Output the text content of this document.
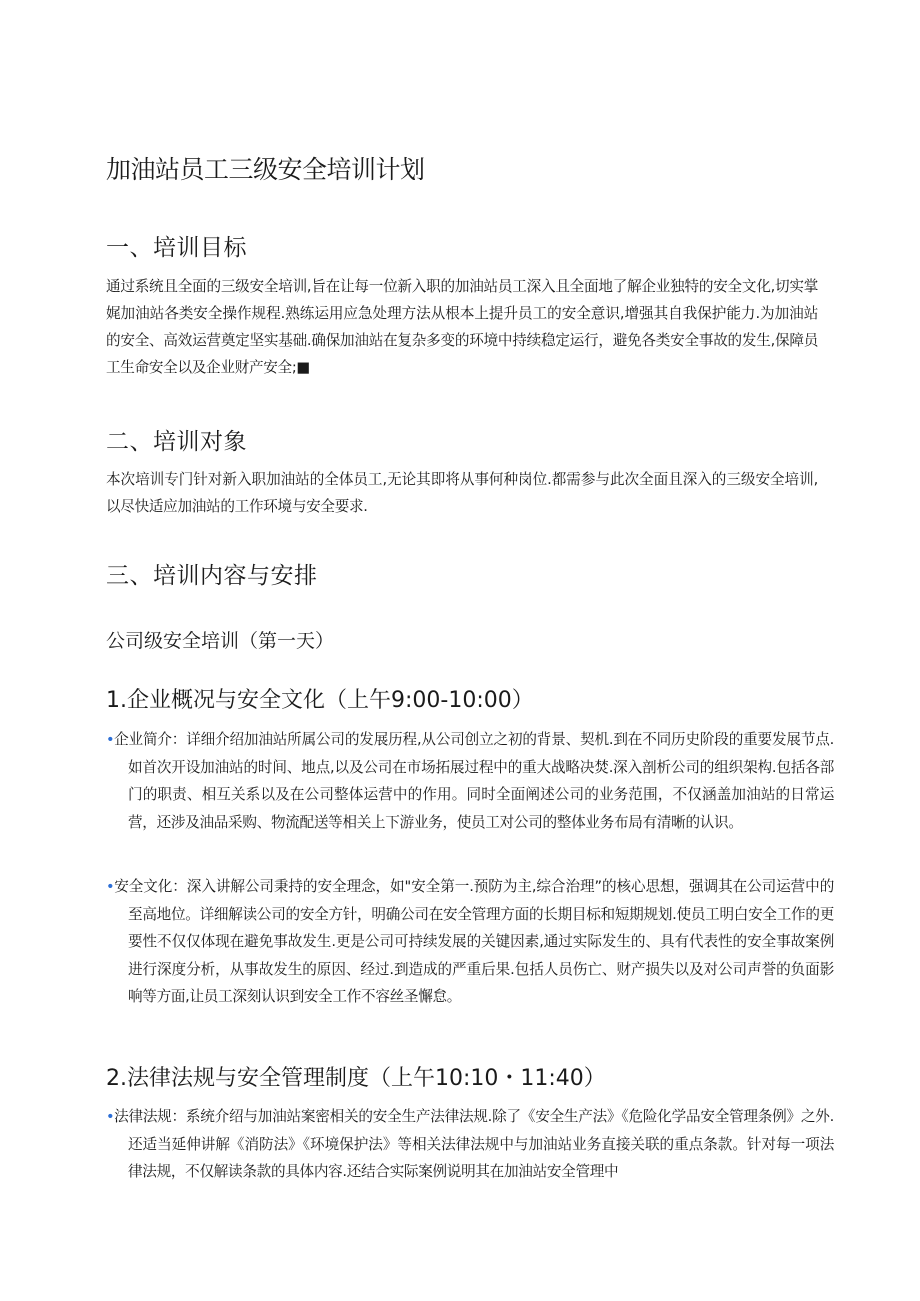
加油站员工三级安全培训计划
一、培训目标

通过系统且全面的三级安全培训,旨在让每一位新入职的加油站员工深入且全面地了解企业独特的安全文化,切实掌娓加油站各类安全操作规程.熟练运用应急处理方法从根本上提升员工的安全意识,增强其自我保护能力.为加油站的安全、高效运营奠定坚实基础.确保加油站在复杂多变的环境中持续稳定运行，避免各类安全事故的发生,保障员工生命安全以及企业财产安全;■

二、培训对象

本次培训专门针对新入职加油站的全体员工,无论其即将从事何种岗位.都需参与此次全面且深入的三级安全培训,以尽快适应加油站的工作环境与安全要求.

三、培训内容与安排
公司级安全培训（第一天）
1.企业概况与安全文化（上午9:00-10:00）

•企业简介：详细介绍加油站所属公司的发展历程,从公司创立之初的背景、契机.到在不同历史阶段的重要发展节点.如首次开设加油站的时间、地点,以及公司在市场拓展过程中的重大战略决焚.深入剖析公司的组织架构.包括各部门的职责、相互关系以及在公司整体运营中的作用。同时全面阐述公司的业务范围，不仅涵盖加油站的日常运营，还涉及油品采购、物流配送等相关上下游业务，使员工对公司的整体业务布局有清晰的认识。

•安全文化：深入讲解公司秉持的安全理念，如"安全第一.预防为主,综合治理”的核心思想，强调其在公司运营中的至高地位。详细解读公司的安全方针，明确公司在安全管理方面的长期目标和短期规划.使员工明白安全工作的更要性不仅仅体现在避免事故发生.更是公司可持续发展的关键因素,通过实际发生的、具有代表性的安全事故案例进行深度分析，从事故发生的原因、经过.到造成的严重后果.包括人员伤亡、财产损失以及对公司声誉的负面影响等方面,让员工深刻认识到安全工作不容丝圣懈怠。

2.法律法规与安全管理制度（上午10:10・11:40）

•法律法规：系统介绍与加油站案密相关的安全生产法律法规.除了《安全生产法》《危险化学品安全管理条例》之外.还适当延伸讲解《消防法》《环境保护法》等相关法律法规中与加油站业务直接关联的重点条款。针对每一项法律法规，不仅解读条款的具体内容.还结合实际案例说明其在加油站安全管理中
